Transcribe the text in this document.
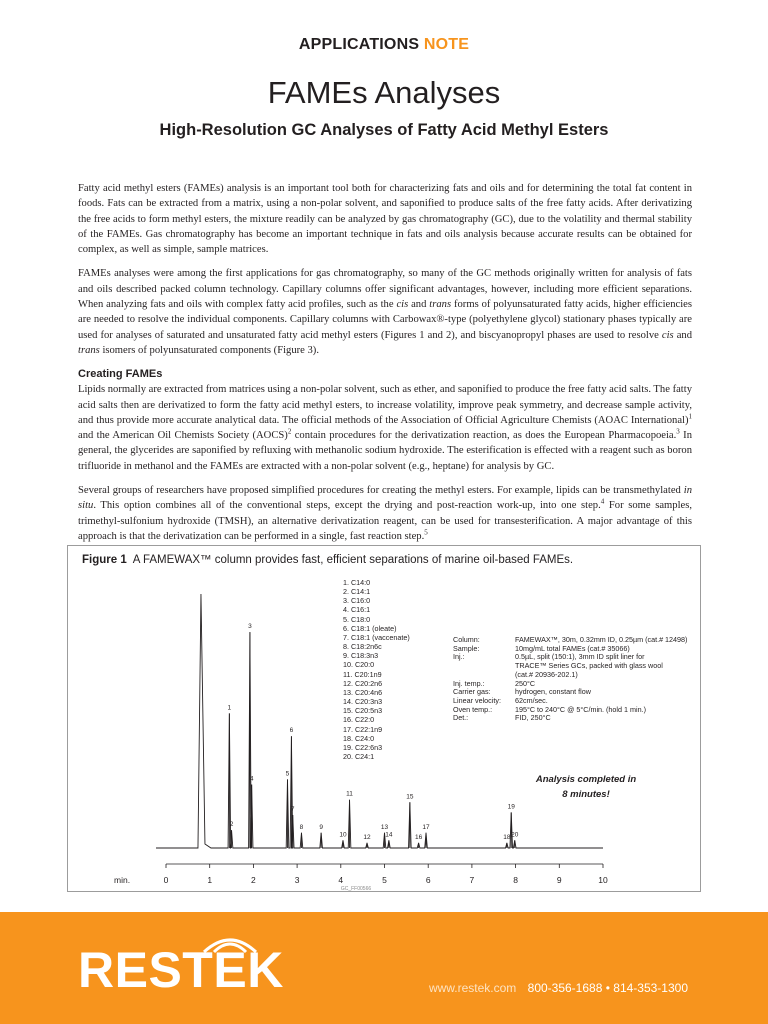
APPLICATIONS NOTE
FAMEs Analyses
High-Resolution GC Analyses of Fatty Acid Methyl Esters

Fatty acid methyl esters (FAMEs) analysis is an important tool both for characterizing fats and oils and for determining the total fat content in foods. Fats can be extracted from a matrix, using a non-polar solvent, and saponified to produce salts of the free fatty acids. After derivatizing the free acids to form methyl esters, the mixture readily can be analyzed by gas chromatography (GC), due to the volatility and thermal stability of the FAMEs. Gas chromatography has become an important technique in fats and oils analysis because accurate results can be obtained for complex, as well as simple, sample matrices.

FAMEs analyses were among the first applications for gas chromatography, so many of the GC methods originally written for analysis of fats and oils described packed column technology. Capillary columns offer significant advantages, however, including more efficient separations. When analyzing fats and oils with complex fatty acid profiles, such as the cis and trans forms of polyunsaturated fatty acids, higher efficiencies are needed to resolve the individual components. Capillary columns with Carbowax®-type (polyethylene glycol) stationary phases typically are used for analyses of saturated and unsaturated fatty acid methyl esters (Figures 1 and 2), and biscyanopropyl phases are used to resolve cis and trans isomers of polyunsaturated components (Figure 3).

Creating FAMEs

Lipids normally are extracted from matrices using a non-polar solvent, such as ether, and saponified to produce the free fatty acid salts. The fatty acid salts then are derivatized to form the fatty acid methyl esters, to increase volatility, improve peak symmetry, and decrease sample activity, and thus provide more accurate analytical data. The official methods of the Association of Official Agriculture Chemists (AOAC International)$^1$ and the American Oil Chemists Society (AOCS)$^2$ contain procedures for the derivatization reaction, as does the European Pharmacopoeia.$^3$ In general, the glycerides are saponified by refluxing with methanolic sodium hydroxide. The esterification is effected with a reagent such as boron trifluoride in methanol and the FAMEs are extracted with a non-polar solvent (e.g., heptane) for analysis by GC.

Several groups of researchers have proposed simplified procedures for creating the methyl esters. For example, lipids can be transmethylated in situ. This option combines all of the conventional steps, except the drying and post-reaction work-up, into one step.$^4$ For some samples, trimethyl-sulfonium hydroxide (TMSH), an alternative derivatization reagent, can be used for transesterification. A major advantage of this approach is that the derivatization can be performed in a single, fast reaction step.$^5$

min.	0	1	2	3	4	5	6	7	8	9	10
1
2
3
4
5
6
7
8 9
10
11
12
13
14
15
16
17
18
19
20
GC_FF00566
Figure 1 A FAMEWAX™ column provides fast, efficient separations of marine oil-based FAMEs.
1. C14:0
2. C14:1
3. C16:0
4. C16:1
5. C18:0
6. C18:1 (oleate)
7. C18:1 (vaccenate)
8. C18:2n6c
9. C18:3n3
10. C20:0
11. C20:1n9
12. C20:2n6
13. C20:4n6
14. C20:3n3
15. C20:5n3
16. C22:0
17. C22:1n9
18. C24:0
19. C22:6n3
20. C24:1
Column:	FAMEWAX™, 30m, 0.32mm ID, 0.25µm (cat.# 12498)
Sample:	10mg/mL total FAMEs (cat.# 35066)
Inj.:	0.5µL, split (150:1), 3mm ID split liner for
	TRACE™ Series GCs, packed with glass wool
	(cat.# 20936-202.1)
Inj. temp.:	250°C
Carrier gas:	hydrogen, constant flow
Linear velocity:	62cm/sec.
Oven temp.:	195°C to 240°C @ 5°C/min. (hold 1 min.)
Det.:	FID, 250°C
Analysis completed in
8 minutes!
RESTEK	www.restek.com 800-356-1688 • 814-353-1300
